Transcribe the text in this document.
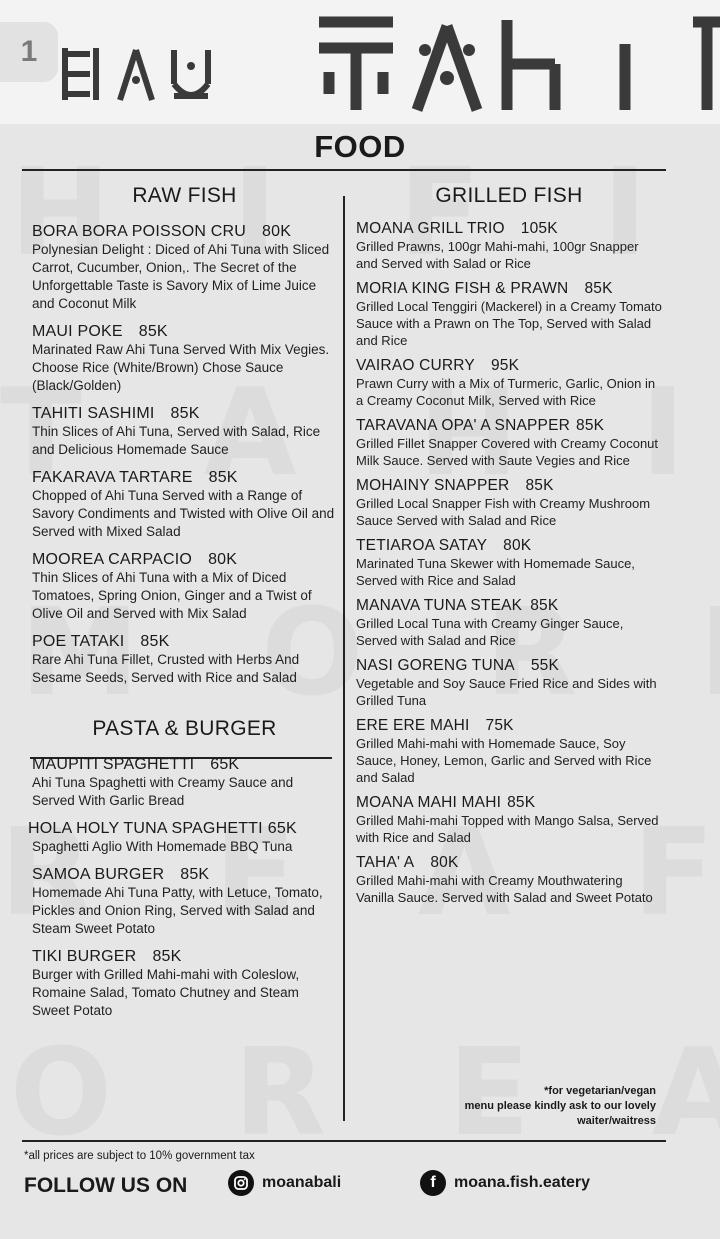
1
FOOD
RAW FISH
BORA BORA POISSON CRU 80K
Polynesian Delight : Diced of Ahi Tuna with Sliced Carrot, Cucumber, Onion,. The Secret of the Unforgettable Taste is Savory Mix of Lime Juice and Coconut Milk
MAUI POKE 85K
Marinated Raw Ahi Tuna Served With Mix Vegies. Choose Rice (White/Brown) Chose Sauce (Black/Golden)
TAHITI SASHIMI 85K
Thin Slices of Ahi Tuna, Served with Salad, Rice and Delicious Homemade Sauce
FAKARAVA TARTARE 85K
Chopped of Ahi Tuna Served with a Range of Savory Condiments and Twisted with Olive Oil and Served with Mixed Salad
MOOREA CARPACIO 80K
Thin Slices of Ahi Tuna with a Mix of Diced Tomatoes, Spring Onion, Ginger and a Twist of Olive Oil and Served with Mix Salad
POE TATAKI 85K
Rare Ahi Tuna Fillet, Crusted with Herbs And Sesame Seeds, Served with Rice and Salad
PASTA & BURGER
MAUPITI SPAGHETTI 65K
Ahi Tuna Spaghetti with Creamy Sauce and Served With Garlic Bread
HOLA HOLY TUNA SPAGHETTI 65K
Spaghetti Aglio With Homemade BBQ Tuna
SAMOA BURGER 85K
Homemade Ahi Tuna Patty, with Letuce, Tomato, Pickles and Onion Ring, Served with Salad and Steam Sweet Potato
TIKI BURGER 85K
Burger with Grilled Mahi-mahi with Coleslow, Romaine Salad, Tomato Chutney and Steam Sweet Potato
GRILLED FISH
MOANA GRILL TRIO 105K
Grilled Prawns, 100gr Mahi-mahi, 100gr Snapper and Served with Salad or Rice
MORIA KING FISH & PRAWN 85K
Grilled Local Tenggiri (Mackerel) in a Creamy Tomato Sauce with a Prawn on The Top, Served with Salad and Rice
VAIRAO CURRY 95K
Prawn Curry with a Mix of Turmeric, Garlic, Onion in a Creamy Coconut Milk, Served with Rice
TARAVANA OPA' A SNAPPER 85K
Grilled Fillet Snapper Covered with Creamy Coconut Milk Sauce. Served with Saute Vegies and Rice
MOHAINY SNAPPER 85K
Grilled Local Snapper Fish with Creamy Mushroom Sauce Served with Salad and Rice
TETIAROA SATAY 80K
Marinated Tuna Skewer with Homemade Sauce, Served with Rice and Salad
MANAVA TUNA STEAK 85K
Grilled Local Tuna with Creamy Ginger Sauce, Served with Salad and Rice
NASI GORENG TUNA 55K
Vegetable and Soy Sauce Fried Rice and Sides with Grilled Tuna
ERE ERE MAHI 75K
Grilled Mahi-mahi with Homemade Sauce, Soy Sauce, Honey, Lemon, Garlic and Served with Rice and Salad
MOANA MAHI MAHI 85K
Grilled Mahi-mahi Topped with Mango Salsa, Served with Rice and Salad
TAHA' A 80K
Grilled Mahi-mahi with Creamy Mouthwatering Vanilla Sauce. Served with Salad and Sweet Potato
*for vegetarian/vegan
menu please kindly ask to our lovely
waiter/waitress
*all prices are subject to 10% government tax
FOLLOW US ON	moanabali	f	moana.fish.eatery
